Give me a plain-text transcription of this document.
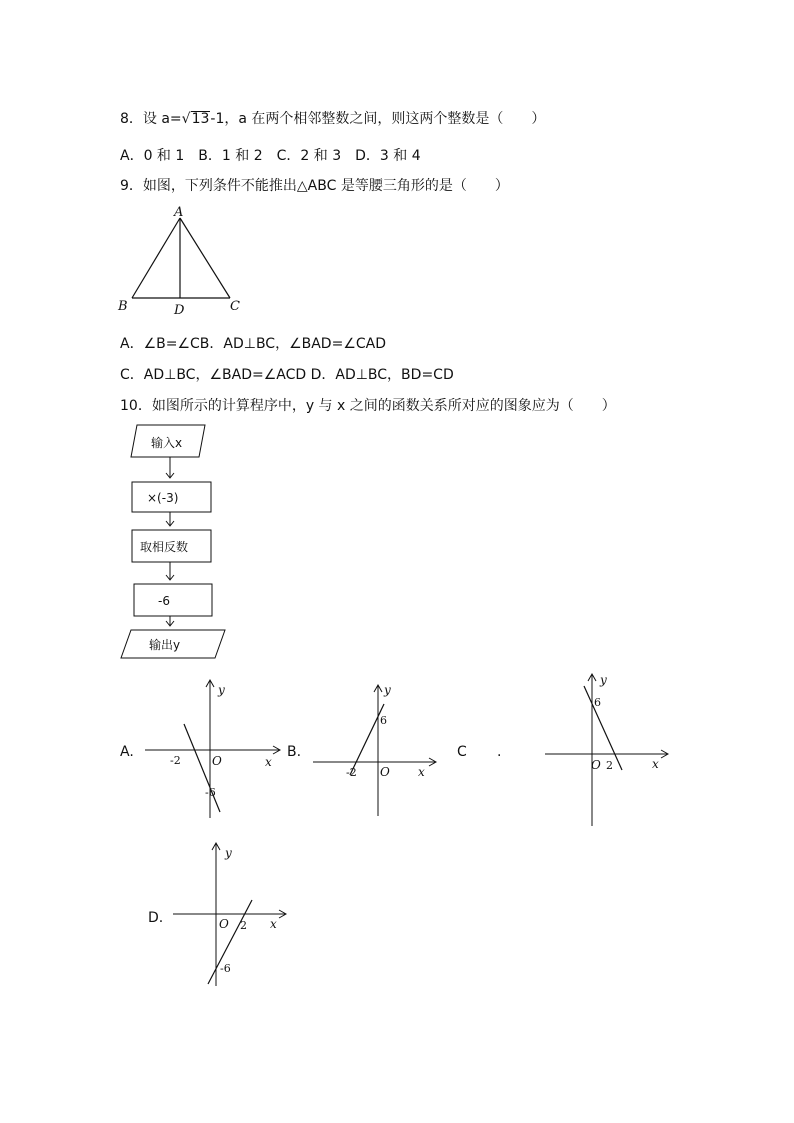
8．设 a=√13-1，a 在两个相邻整数之间，则这两个整数是（　　）
A．0 和 1　B．1 和 2　C．2 和 3　D．3 和 4
9．如图，下列条件不能推出△ABC 是等腰三角形的是（　　）
A
B	C
D
A．∠B=∠CB．AD⊥BC，∠BAD=∠CAD
C．AD⊥BC，∠BAD=∠ACD D．AD⊥BC，BD=CD
10．如图所示的计算程序中，y 与 x 之间的函数关系所对应的图象应为（　　）
输入x
×(-3)
取相反数
-6
输出y
A.
y
x
O
-2
-6
B.
y
x
O
-2
6
C .
y
x
O 2
6
D.
y
x
O 2
-6
